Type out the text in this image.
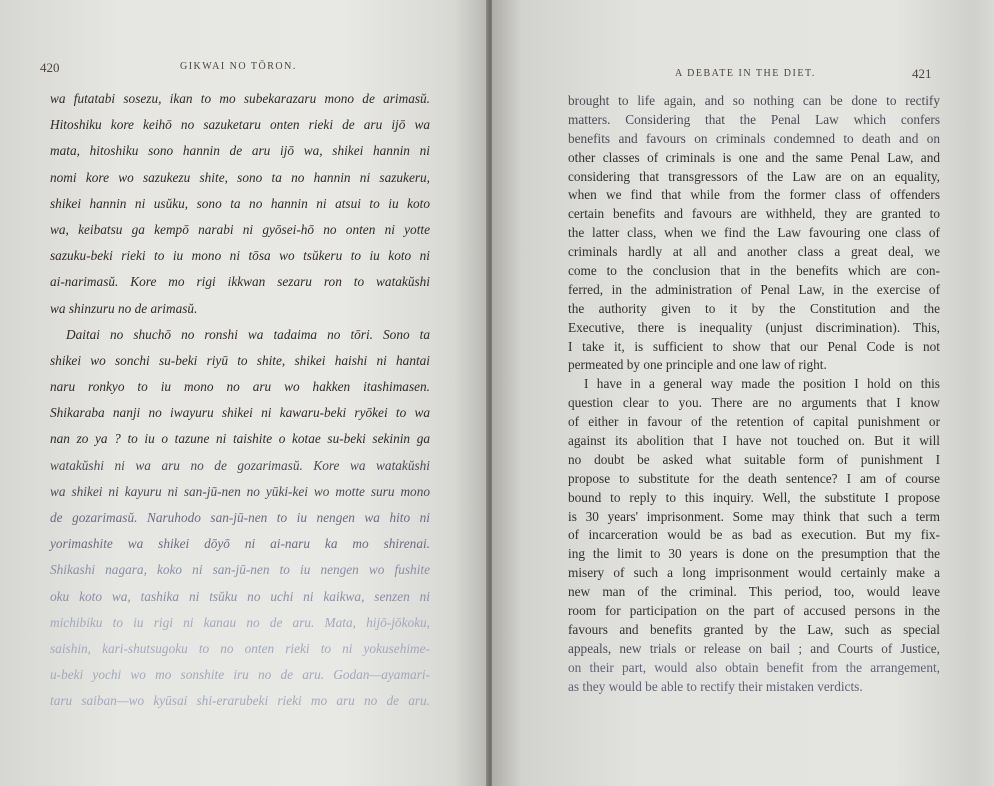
420	GIKWAI NO TŌRON.
wa futatabi sosezu, ikan to mo subekarazaru mono de arimasŭ.
Hitoshiku kore keihō no sazuketaru onten rieki de aru ijō wa
mata, hitoshiku sono hannin de aru ijō wa, shikei hannin ni
nomi kore wo sazukezu shite, sono ta no hannin ni sazukeru,
shikei hannin ni usŭku, sono ta no hannin ni atsui to iu koto
wa, keibatsu ga kempō narabi ni gyōsei-hō no onten ni yotte
sazuku-beki rieki to iu mono ni tōsa wo tsŭkeru to iu koto ni
ai-narimasŭ. Kore mo rigi ikkwan sezaru ron to watakŭshi
wa shinzuru no de arimasŭ.
Daitai no shuchō no ronshi wa tadaima no tōri. Sono ta
shikei wo sonchi su-beki riyū to shite, shikei haishi ni hantai
naru ronkyo to iu mono no aru wo hakken itashimasen.
Shikaraba nanji no iwayuru shikei ni kawaru-beki ryōkei to wa
nan zo ya ? to iu o tazune ni taishite o kotae su-beki sekinin ga
watakŭshi ni wa aru no de gozarimasŭ. Kore wa watakŭshi
wa shikei ni kayuru ni san-jū-nen no yūki-kei wo motte suru mono
de gozarimasŭ. Naruhodo san-jū-nen to iu nengen wa hito ni
yorimashite wa shikei dōyō ni ai-naru ka mo shirenai.
Shikashi nagara, koko ni san-jū-nen to iu nengen wo fushite
oku koto wa, tashika ni tsŭku no uchi ni kaikwa, senzen ni
michibiku to iu rigi ni kanau no de aru. Mata, hijō-jōkoku,
saishin, kari-shutsugoku to no onten rieki to ni yokusehime-
u-beki yochi wo mo sonshite iru no de aru. Godan—ayamari-
taru saiban—wo kyūsai shi-erarubeki rieki mo aru no de aru.
A DEBATE IN THE DIET.	421
brought to life again, and so nothing can be done to rectify
matters. Considering that the Penal Law which confers
benefits and favours on criminals condemned to death and on
other classes of criminals is one and the same Penal Law, and
considering that transgressors of the Law are on an equality,
when we find that while from the former class of offenders
certain benefits and favours are withheld, they are granted to
the latter class, when we find the Law favouring one class of
criminals hardly at all and another class a great deal, we
come to the conclusion that in the benefits which are con-
ferred, in the administration of Penal Law, in the exercise of
the authority given to it by the Constitution and the
Executive, there is inequality (unjust discrimination). This,
I take it, is sufficient to show that our Penal Code is not
permeated by one principle and one law of right.
I have in a general way made the position I hold on this
question clear to you. There are no arguments that I know
of either in favour of the retention of capital punishment or
against its abolition that I have not touched on. But it will
no doubt be asked what suitable form of punishment I
propose to substitute for the death sentence? I am of course
bound to reply to this inquiry. Well, the substitute I propose
is 30 years' imprisonment. Some may think that such a term
of incarceration would be as bad as execution. But my fix-
ing the limit to 30 years is done on the presumption that the
misery of such a long imprisonment would certainly make a
new man of the criminal. This period, too, would leave
room for participation on the part of accused persons in the
favours and benefits granted by the Law, such as special
appeals, new trials or release on bail ; and Courts of Justice,
on their part, would also obtain benefit from the arrangement,
as they would be able to rectify their mistaken verdicts.
